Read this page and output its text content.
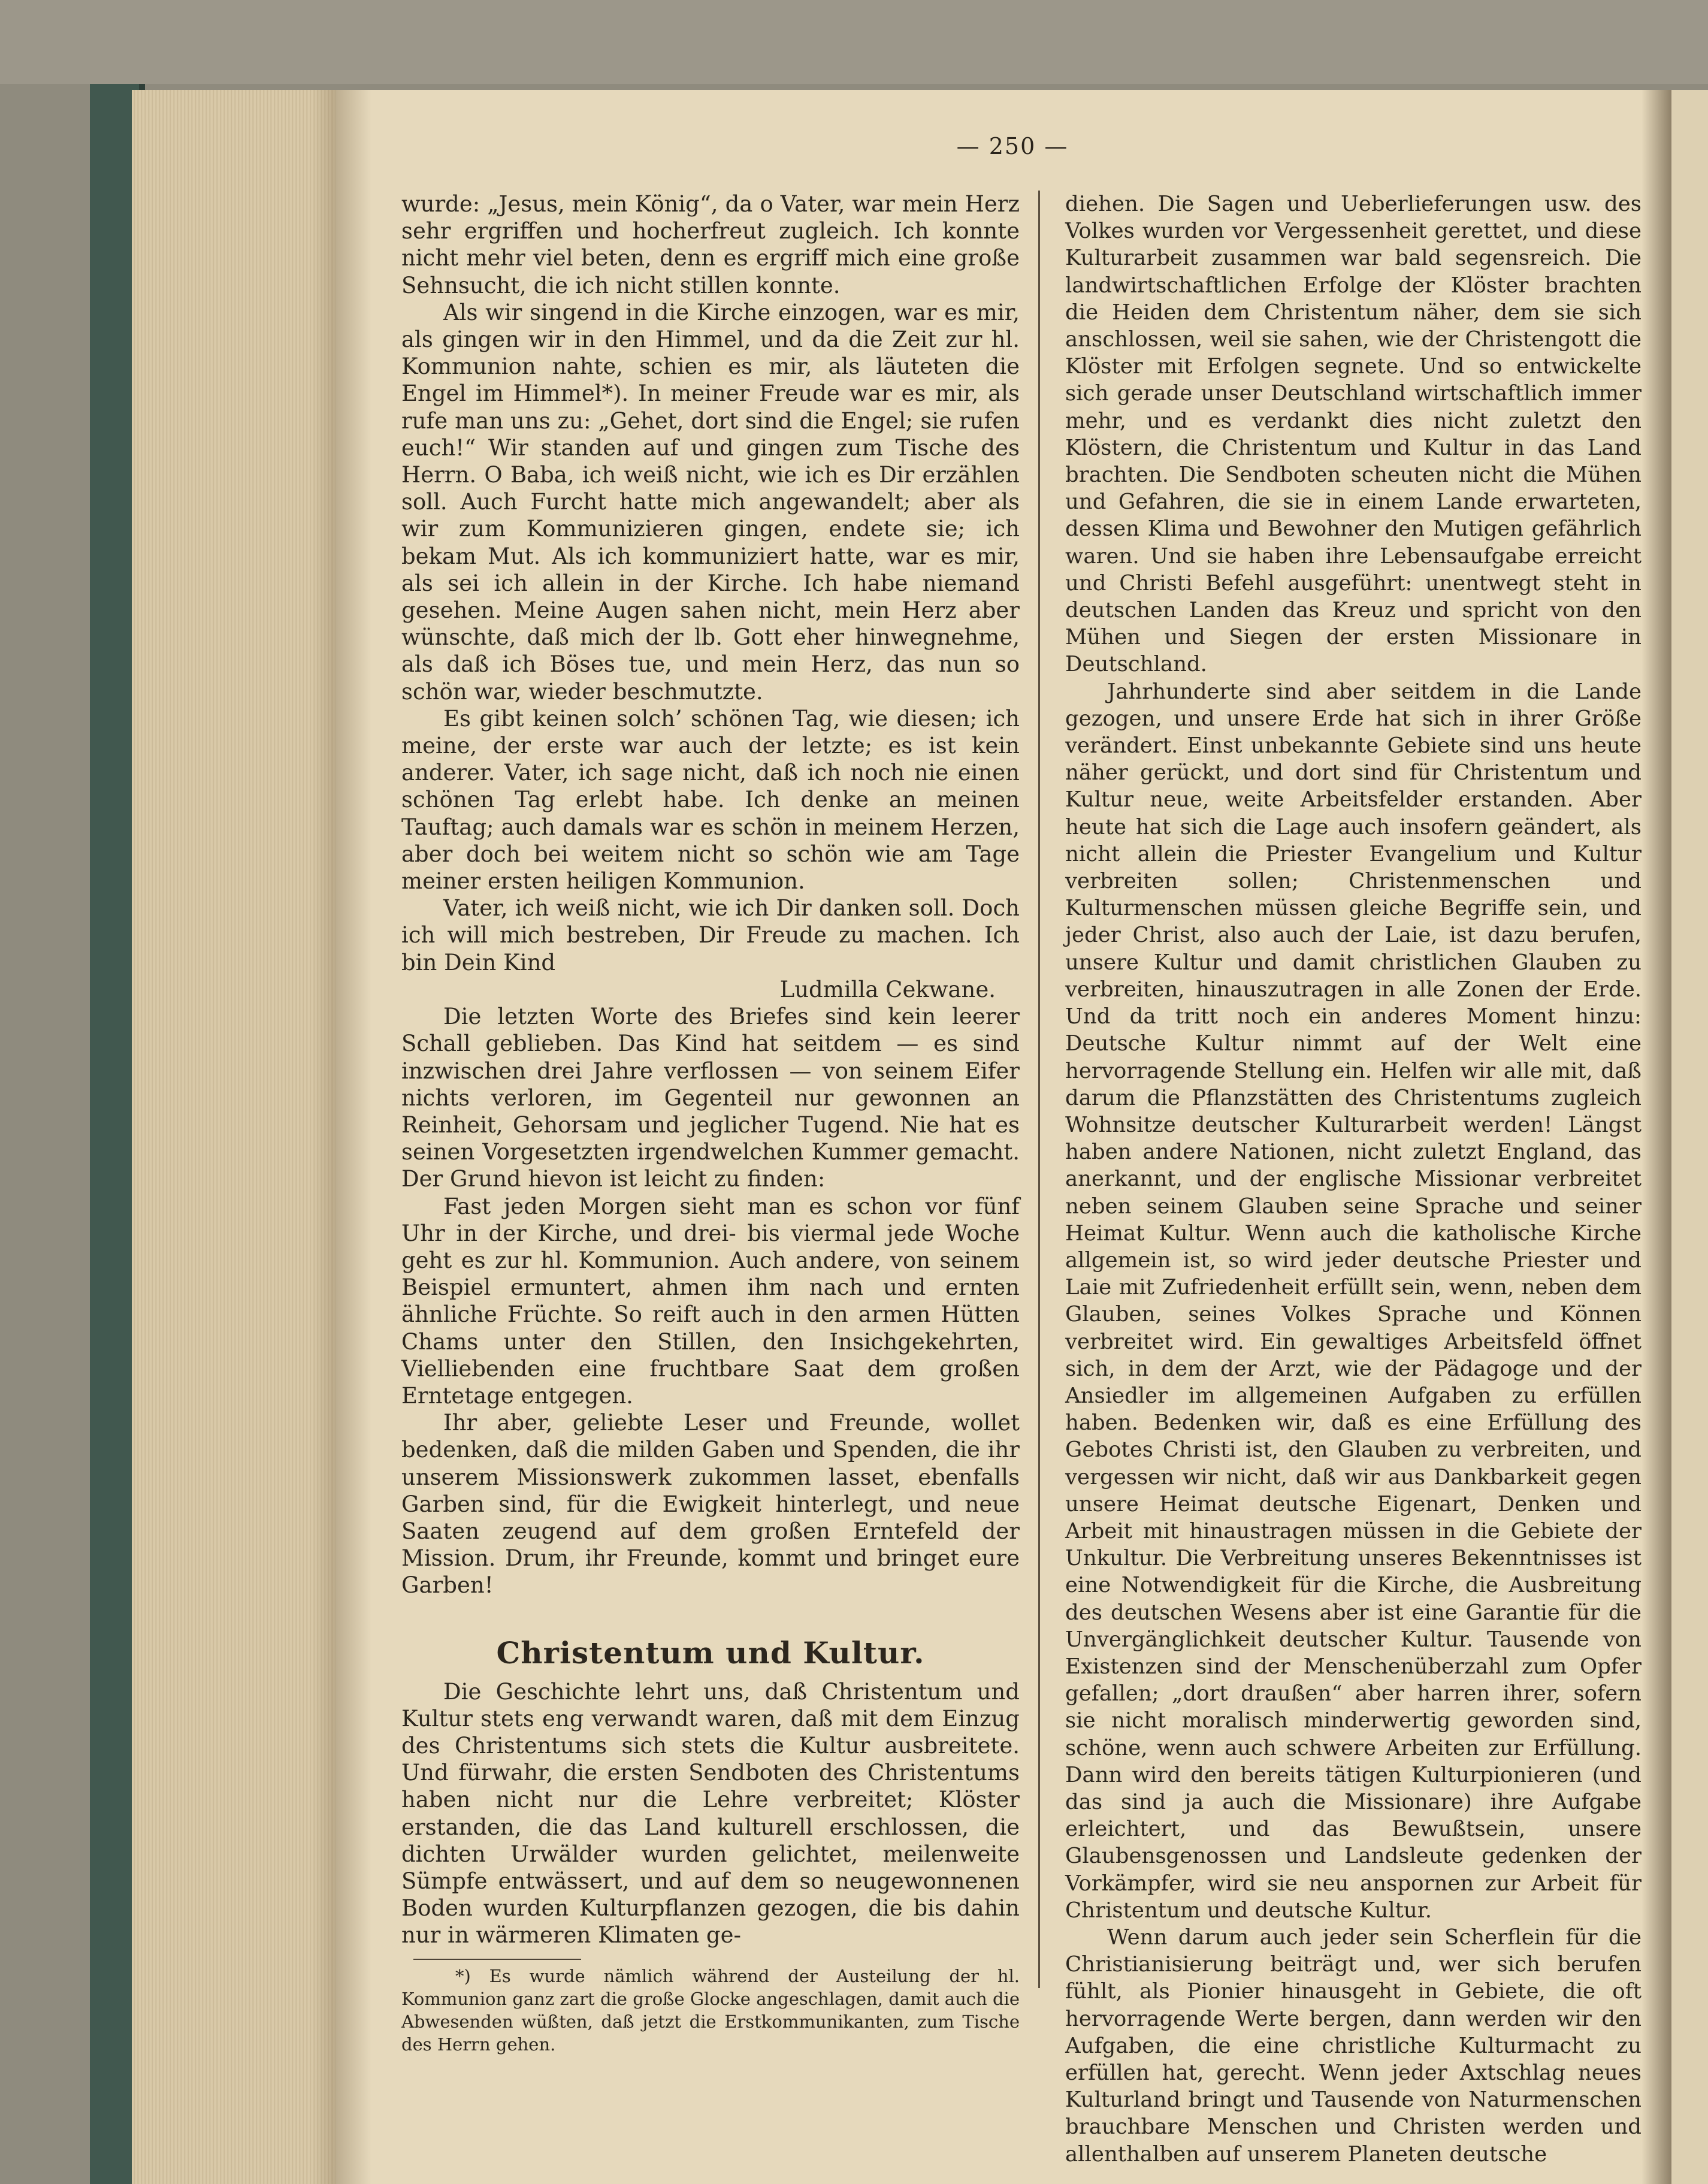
— 250 —

wurde: „Jesus, mein König“, da o Vater, war mein Herz sehr ergriffen und hocherfreut zugleich. Ich konnte nicht mehr viel beten, denn es ergriff mich eine große Sehnsucht, die ich nicht stillen konnte.

Als wir singend in die Kirche einzogen, war es mir, als gingen wir in den Himmel, und da die Zeit zur hl. Kommunion nahte, schien es mir, als läuteten die Engel im Himmel*). In meiner Freude war es mir, als rufe man uns zu: „Gehet, dort sind die Engel; sie rufen euch!“ Wir standen auf und gingen zum Tische des Herrn. O Baba, ich weiß nicht, wie ich es Dir erzählen soll. Auch Furcht hatte mich angewandelt; aber als wir zum Kommunizieren gingen, endete sie; ich bekam Mut. Als ich kommuniziert hatte, war es mir, als sei ich allein in der Kirche. Ich habe niemand gesehen. Meine Augen sahen nicht, mein Herz aber wünschte, daß mich der lb. Gott eher hinwegnehme, als daß ich Böses tue, und mein Herz, das nun so schön war, wieder beschmutzte.

Es gibt keinen solch’ schönen Tag, wie diesen; ich meine, der erste war auch der letzte; es ist kein anderer. Vater, ich sage nicht, daß ich noch nie einen schönen Tag erlebt habe. Ich denke an meinen Tauftag; auch damals war es schön in meinem Herzen, aber doch bei weitem nicht so schön wie am Tage meiner ersten heiligen Kommunion.

Vater, ich weiß nicht, wie ich Dir danken soll. Doch ich will mich bestreben, Dir Freude zu machen. Ich bin Dein Kind

Ludmilla Cekwane.

Die letzten Worte des Briefes sind kein leerer Schall geblieben. Das Kind hat seitdem — es sind inzwischen drei Jahre verflossen — von seinem Eifer nichts verloren, im Gegenteil nur gewonnen an Reinheit, Gehorsam und jeglicher Tugend. Nie hat es seinen Vorgesetzten irgendwelchen Kummer gemacht. Der Grund hievon ist leicht zu finden:

Fast jeden Morgen sieht man es schon vor fünf Uhr in der Kirche, und drei- bis viermal jede Woche geht es zur hl. Kommunion. Auch andere, von seinem Beispiel ermuntert, ahmen ihm nach und ernten ähnliche Früchte. So reift auch in den armen Hütten Chams unter den Stillen, den Insichgekehrten, Vielliebenden eine fruchtbare Saat dem großen Erntetage entgegen.

Ihr aber, geliebte Leser und Freunde, wollet bedenken, daß die milden Gaben und Spenden, die ihr unserem Missionswerk zukommen lasset, ebenfalls Garben sind, für die Ewigkeit hinterlegt, und neue Saaten zeugend auf dem großen Erntefeld der Mission. Drum, ihr Freunde, kommt und bringet eure Garben!

Christentum und Kultur.

Die Geschichte lehrt uns, daß Christentum und Kultur stets eng verwandt waren, daß mit dem Einzug des Christentums sich stets die Kultur ausbreitete. Und fürwahr, die ersten Sendboten des Christentums haben nicht nur die Lehre verbreitet; Klöster erstanden, die das Land kulturell erschlossen, die dichten Urwälder wurden gelichtet, meilenweite Sümpfe entwässert, und auf dem so neugewonnenen Boden wurden Kulturpflanzen gezogen, die bis dahin nur in wärmeren Klimaten ge-

*) Es wurde nämlich während der Austeilung der hl. Kommunion ganz zart die große Glocke angeschlagen, damit auch die Abwesenden wüßten, daß jetzt die Erstkommunikanten, zum Tische des Herrn gehen.

diehen. Die Sagen und Ueberlieferungen usw. des Volkes wurden vor Vergessenheit gerettet, und diese Kulturarbeit zusammen war bald segensreich. Die landwirtschaftlichen Erfolge der Klöster brachten die Heiden dem Christentum näher, dem sie sich anschlossen, weil sie sahen, wie der Christengott die Klöster mit Erfolgen segnete. Und so entwickelte sich gerade unser Deutschland wirtschaftlich immer mehr, und es verdankt dies nicht zuletzt den Klöstern, die Christentum und Kultur in das Land brachten. Die Sendboten scheuten nicht die Mühen und Gefahren, die sie in einem Lande erwarteten, dessen Klima und Bewohner den Mutigen gefährlich waren. Und sie haben ihre Lebensaufgabe erreicht und Christi Befehl ausgeführt: unentwegt steht in deutschen Landen das Kreuz und spricht von den Mühen und Siegen der ersten Missionare in Deutschland.

Jahrhunderte sind aber seitdem in die Lande gezogen, und unsere Erde hat sich in ihrer Größe verändert. Einst unbekannte Gebiete sind uns heute näher gerückt, und dort sind für Christentum und Kultur neue, weite Arbeitsfelder erstanden. Aber heute hat sich die Lage auch insofern geändert, als nicht allein die Priester Evangelium und Kultur verbreiten sollen; Christenmenschen und Kulturmenschen müssen gleiche Begriffe sein, und jeder Christ, also auch der Laie, ist dazu berufen, unsere Kultur und damit christlichen Glauben zu verbreiten, hinauszutragen in alle Zonen der Erde. Und da tritt noch ein anderes Moment hinzu: Deutsche Kultur nimmt auf der Welt eine hervorragende Stellung ein. Helfen wir alle mit, daß darum die Pflanzstätten des Christentums zugleich Wohnsitze deutscher Kulturarbeit werden! Längst haben andere Nationen, nicht zuletzt England, das anerkannt, und der englische Missionar verbreitet neben seinem Glauben seine Sprache und seiner Heimat Kultur. Wenn auch die katholische Kirche allgemein ist, so wird jeder deutsche Priester und Laie mit Zufriedenheit erfüllt sein, wenn, neben dem Glauben, seines Volkes Sprache und Können verbreitet wird. Ein gewaltiges Arbeitsfeld öffnet sich, in dem der Arzt, wie der Pädagoge und der Ansiedler im allgemeinen Aufgaben zu erfüllen haben. Bedenken wir, daß es eine Erfüllung des Gebotes Christi ist, den Glauben zu verbreiten, und vergessen wir nicht, daß wir aus Dankbarkeit gegen unsere Heimat deutsche Eigenart, Denken und Arbeit mit hinaustragen müssen in die Gebiete der Unkultur. Die Verbreitung unseres Bekenntnisses ist eine Notwendigkeit für die Kirche, die Ausbreitung des deutschen Wesens aber ist eine Garantie für die Unvergänglichkeit deutscher Kultur. Tausende von Existenzen sind der Menschenüberzahl zum Opfer gefallen; „dort draußen“ aber harren ihrer, sofern sie nicht moralisch minderwertig geworden sind, schöne, wenn auch schwere Arbeiten zur Erfüllung. Dann wird den bereits tätigen Kulturpionieren (und das sind ja auch die Missionare) ihre Aufgabe erleichtert, und das Bewußtsein, unsere Glaubensgenossen und Landsleute gedenken der Vorkämpfer, wird sie neu anspornen zur Arbeit für Christentum und deutsche Kultur.

Wenn darum auch jeder sein Scherflein für die Christianisierung beiträgt und, wer sich berufen fühlt, als Pionier hinausgeht in Gebiete, die oft hervorragende Werte bergen, dann werden wir den Aufgaben, die eine christliche Kulturmacht zu erfüllen hat, gerecht. Wenn jeder Axtschlag neues Kulturland bringt und Tausende von Naturmenschen brauchbare Menschen und Christen werden und allenthalben auf unserem Planeten deutsche
